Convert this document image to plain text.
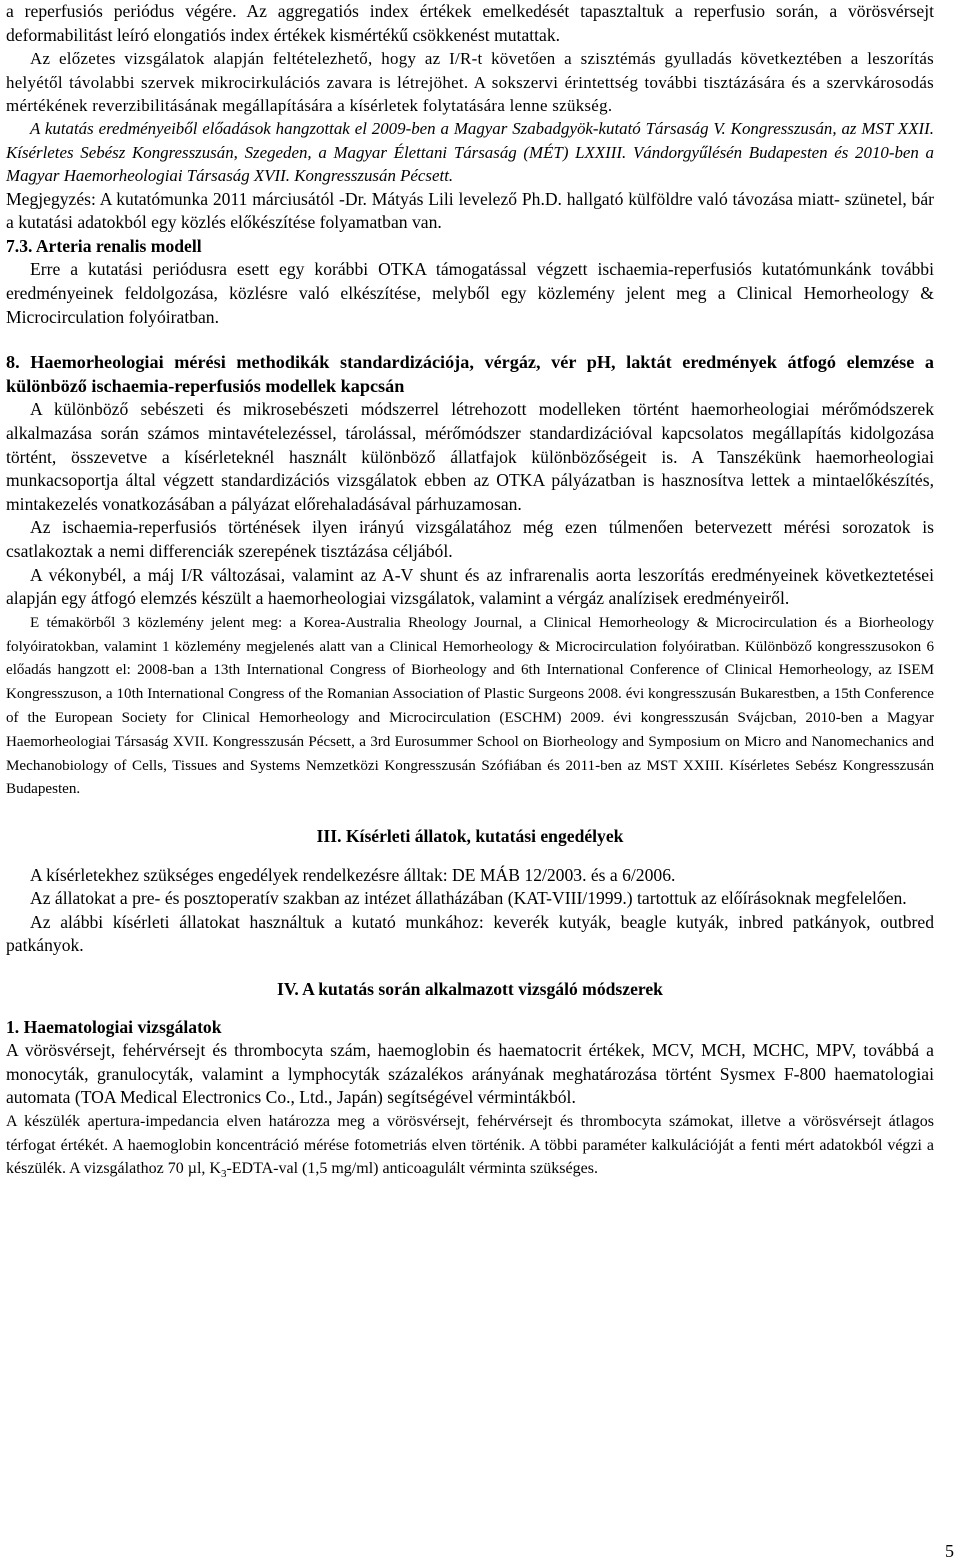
a reperfusiós periódus végére. Az aggregatiós index értékek emelkedését tapasztaltuk a reperfusio során, a vörösvérsejt deformabilitást leíró elongatiós index értékek kismértékű csökkenést mutattak.

Az előzetes vizsgálatok alapján feltételezhető, hogy az I/R-t követően a szisztémás gyulladás következtében a leszorítás helyétől távolabbi szervek mikrocirkulációs zavara is létrejöhet. A sokszervi érintettség további tisztázására és a szervkárosodás mértékének reverzibilitásának megállapítására a kísérletek folytatására lenne szükség.

A kutatás eredményeiből előadások hangzottak el 2009-ben a Magyar Szabadgyök-kutató Társaság V. Kongresszusán, az MST XXII. Kísérletes Sebész Kongresszusán, Szegeden, a Magyar Élettani Társaság (MÉT) LXXIII. Vándorgyűlésén Budapesten és 2010-ben a Magyar Haemorheologiai Társaság XVII. Kongresszusán Pécsett.

Megjegyzés: A kutatómunka 2011 márciusától -Dr. Mátyás Lili levelező Ph.D. hallgató külföldre való távozása miatt- szünetel, bár a kutatási adatokból egy közlés előkészítése folyamatban van.

7.3. Arteria renalis modell

Erre a kutatási periódusra esett egy korábbi OTKA támogatással végzett ischaemia-reperfusiós kutatómunkánk további eredményeinek feldolgozása, közlésre való elkészítése, melyből egy közlemény jelent meg a Clinical Hemorheology & Microcirculation folyóiratban.

8. Haemorheologiai mérési methodikák standardizációja, vérgáz, vér pH, laktát eredmények átfogó elemzése a különböző ischaemia-reperfusiós modellek kapcsán

A különböző sebészeti és mikrosebészeti módszerrel létrehozott modelleken történt haemorheologiai mérőmódszerek alkalmazása során számos mintavételezéssel, tárolással, mérőmódszer standardizációval kapcsolatos megállapítás kidolgozása történt, összevetve a kísérleteknél használt különböző állatfajok különbözőségeit is. A Tanszékünk haemorheologiai munkacsoportja által végzett standardizációs vizsgálatok ebben az OTKA pályázatban is hasznosítva lettek a mintaelőkészítés, mintakezelés vonatkozásában a pályázat előrehaladásával párhuzamosan.

Az ischaemia-reperfusiós történések ilyen irányú vizsgálatához még ezen túlmenően betervezett mérési sorozatok is csatlakoztak a nemi differenciák szerepének tisztázása céljából.

A vékonybél, a máj I/R változásai, valamint az A-V shunt és az infrarenalis aorta leszorítás eredményeinek következtetései alapján egy átfogó elemzés készült a haemorheologiai vizsgálatok, valamint a vérgáz analízisek eredményeiről.

E témakörből 3 közlemény jelent meg: a Korea-Australia Rheology Journal, a Clinical Hemorheology & Microcirculation és a Biorheology folyóiratokban, valamint 1 közlemény megjelenés alatt van a Clinical Hemorheology & Microcirculation folyóiratban. Különböző kongresszusokon 6 előadás hangzott el: 2008-ban a 13th International Congress of Biorheology and 6th International Conference of Clinical Hemorheology, az ISEM Kongresszuson, a 10th International Congress of the Romanian Association of Plastic Surgeons 2008. évi kongresszusán Bukarestben, a 15th Conference of the European Society for Clinical Hemorheology and Microcirculation (ESCHM) 2009. évi kongresszusán Svájcban, 2010-ben a Magyar Haemorheologiai Társaság XVII. Kongresszusán Pécsett, a 3rd Eurosummer School on Biorheology and Symposium on Micro and Nanomechanics and Mechanobiology of Cells, Tissues and Systems Nemzetközi Kongresszusán Szófiában és 2011-ben az MST XXIII. Kísérletes Sebész Kongresszusán Budapesten.

III. Kísérleti állatok, kutatási engedélyek

A kísérletekhez szükséges engedélyek rendelkezésre álltak: DE MÁB 12/2003. és a 6/2006.

Az állatokat a pre- és posztoperatív szakban az intézet állatházában (KAT-VIII/1999.) tartottuk az előírásoknak megfelelően.

Az alábbi kísérleti állatokat használtuk a kutató munkához: keverék kutyák, beagle kutyák, inbred patkányok, outbred patkányok.

IV. A kutatás során alkalmazott vizsgáló módszerek

1. Haematologiai vizsgálatok

A vörösvérsejt, fehérvérsejt és thrombocyta szám, haemoglobin és haematocrit értékek, MCV, MCH, MCHC, MPV, továbbá a monocyták, granulocyták, valamint a lymphocyták százalékos arányának meghatározása történt Sysmex F-800 haematologiai automata (TOA Medical Electronics Co., Ltd., Japán) segítségével vérmintákból.

A készülék apertura-impedancia elven határozza meg a vörösvérsejt, fehérvérsejt és thrombocyta számokat, illetve a vörösvérsejt átlagos térfogat értékét. A haemoglobin koncentráció mérése fotometriás elven történik. A többi paraméter kalkulációját a fenti mért adatokból végzi a készülék. A vizsgálathoz 70 µl, $K_3-EDTA$-val (1,5 mg/ml) anticoagulált vérminta szükséges.

5
